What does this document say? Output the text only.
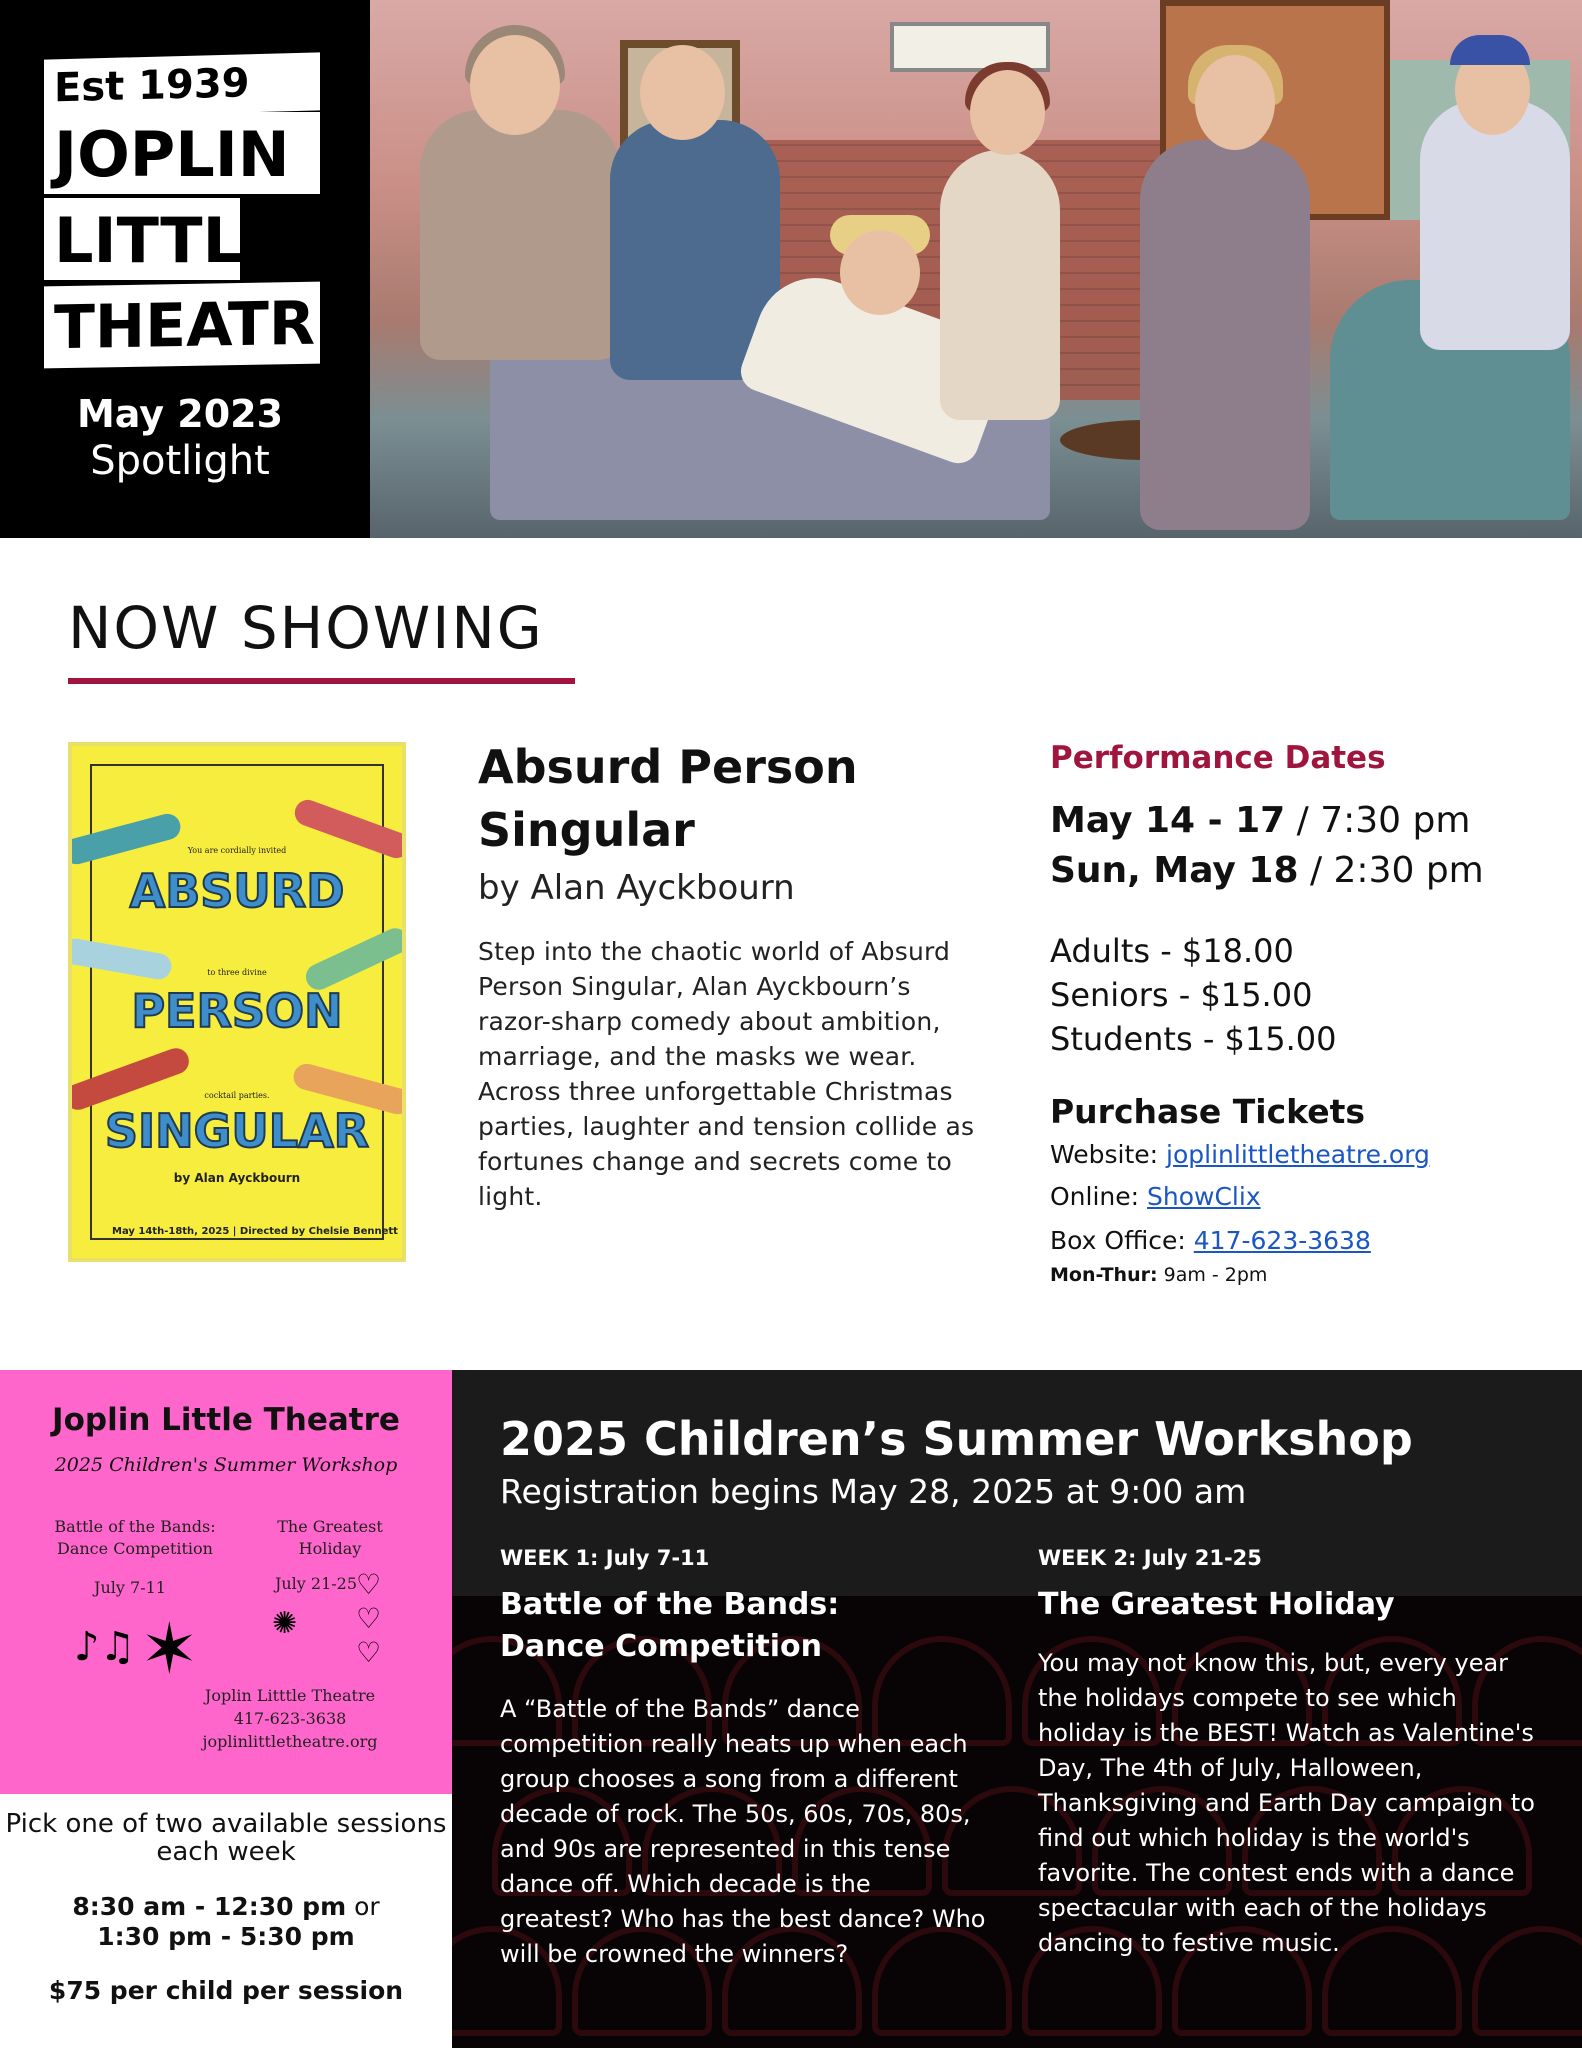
Est 1939
JOPLIN
LITTLE
THEATRE
May 2023
Spotlight
NOW SHOWING
You are cordially invited
ABSURD
to three divine
PERSON
cocktail parties.
SINGULAR
by Alan Ayckbourn
May 14th-18th, 2025 | Directed by Chelsie Bennett
Absurd Person Singular
by Alan Ayckbourn

Step into the chaotic world of Absurd Person Singular, Alan Ayckbourn’s razor-sharp comedy about ambition, marriage, and the masks we wear. Across three unforgettable Christmas parties, laughter and tension collide as fortunes change and secrets come to light.

Performance Dates
May 14 - 17 / 7:30 pm
Sun, May 18 / 2:30 pm
Adults - $18.00
Seniors - $15.00
Students - $15.00
Purchase Tickets
Website: joplinlittletheatre.org
Online: ShowClix
Box Office: 417-623-3638
Mon-Thur: 9am - 2pm
Joplin Little Theatre
2025 Children's Summer Workshop
Battle of the Bands: Dance Competition
The Greatest Holiday
July 7-11	July 21-25
♪♫ ✶ ✺
♡
♡
♡
Joplin Litttle Theatre
417-623-3638
joplinlittletheatre.org
Pick one of two available sessions each week
8:30 am - 12:30 pm or
1:30 pm - 5:30 pm
$75 per child per session
2025 Children’s Summer Workshop
Registration begins May 28, 2025 at 9:00 am
WEEK 1: July 7-11
Battle of the Bands: Dance Competition

A “Battle of the Bands” dance competition really heats up when each group chooses a song from a different decade of rock. The 50s, 60s, 70s, 80s, and 90s are represented in this tense dance off. Which decade is the greatest? Who has the best dance? Who will be crowned the winners?

WEEK 2: July 21-25
The Greatest Holiday

You may not know this, but, every year the holidays compete to see which holiday is the BEST! Watch as Valentine's Day, The 4th of July, Halloween, Thanksgiving and Earth Day campaign to find out which holiday is the world's favorite. The contest ends with a dance spectacular with each of the holidays dancing to festive music.
